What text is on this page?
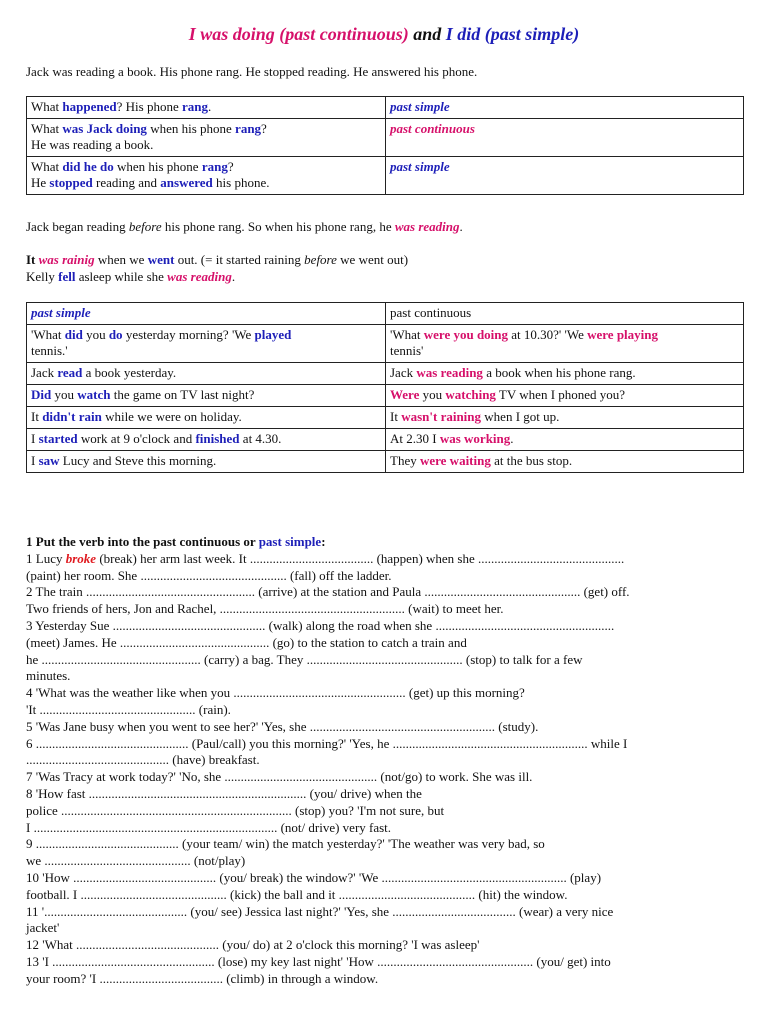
I was doing (past continuous) and I did (past simple)
Jack was reading a book. His phone rang. He stopped reading. He answered his phone.
What happened? His phone rang.	past simple
What was Jack doing when his phone rang?
He was reading a book.	past continuous
What did he do when his phone rang?
He stopped reading and answered his phone.	past simple
Jack began reading before his phone rang. So when his phone rang, he was reading.
It was rainig when we went out. (= it started raining before we went out)
Kelly fell asleep while she was reading.
past simple	past continuous
'What did you do yesterday morning? 'We played
tennis.'	'What were you doing at 10.30?' 'We were playing
tennis'
Jack read a book yesterday.	Jack was reading a book when his phone rang.
Did you watch the game on TV last night?	Were you watching TV when I phoned you?
It didn't rain while we were on holiday.	It wasn't raining when I got up.
I started work at 9 o'clock and finished at 4.30.	At 2.30 I was working.
I saw Lucy and Steve this morning.	They were waiting at the bus stop.
1 Put the verb into the past continuous or past simple:
1 Lucy broke (break) her arm last week. It ...................................... (happen) when she .............................................
(paint) her room. She ............................................. (fall) off the ladder.
2 The train .................................................... (arrive) at the station and Paula ................................................ (get) off.
Two friends of hers, Jon and Rachel, ......................................................... (wait) to meet her.
3 Yesterday Sue ............................................... (walk) along the road when she .......................................................
(meet) James. He .............................................. (go) to the station to catch a train and
he ................................................. (carry) a bag. They ................................................ (stop) to talk for a few
minutes.
4 'What was the weather like when you ..................................................... (get) up this morning?
'It ................................................ (rain).
5 'Was Jane busy when you went to see her?' 'Yes, she ......................................................... (study).
6 ............................................... (Paul/call) you this morning?' 'Yes, he ............................................................ while I
............................................ (have) breakfast.
7 'Was Tracy at work today?' 'No, she ............................................... (not/go) to work. She was ill.
8 'How fast ................................................................... (you/ drive) when the
police ....................................................................... (stop) you? 'I'm not sure, but
I ........................................................................... (not/ drive) very fast.
9 ............................................ (your team/ win) the match yesterday?' 'The weather was very bad, so
we ............................................. (not/play)
10 'How ............................................ (you/ break) the window?' 'We ......................................................... (play)
football. I ............................................. (kick) the ball and it .......................................... (hit) the window.
11 '............................................ (you/ see) Jessica last night?' 'Yes, she ...................................... (wear) a very nice
jacket'
12 'What ............................................ (you/ do) at 2 o'clock this morning? 'I was asleep'
13 'I .................................................. (lose) my key last night' 'How ................................................ (you/ get) into
your room? 'I ...................................... (climb) in through a window.
